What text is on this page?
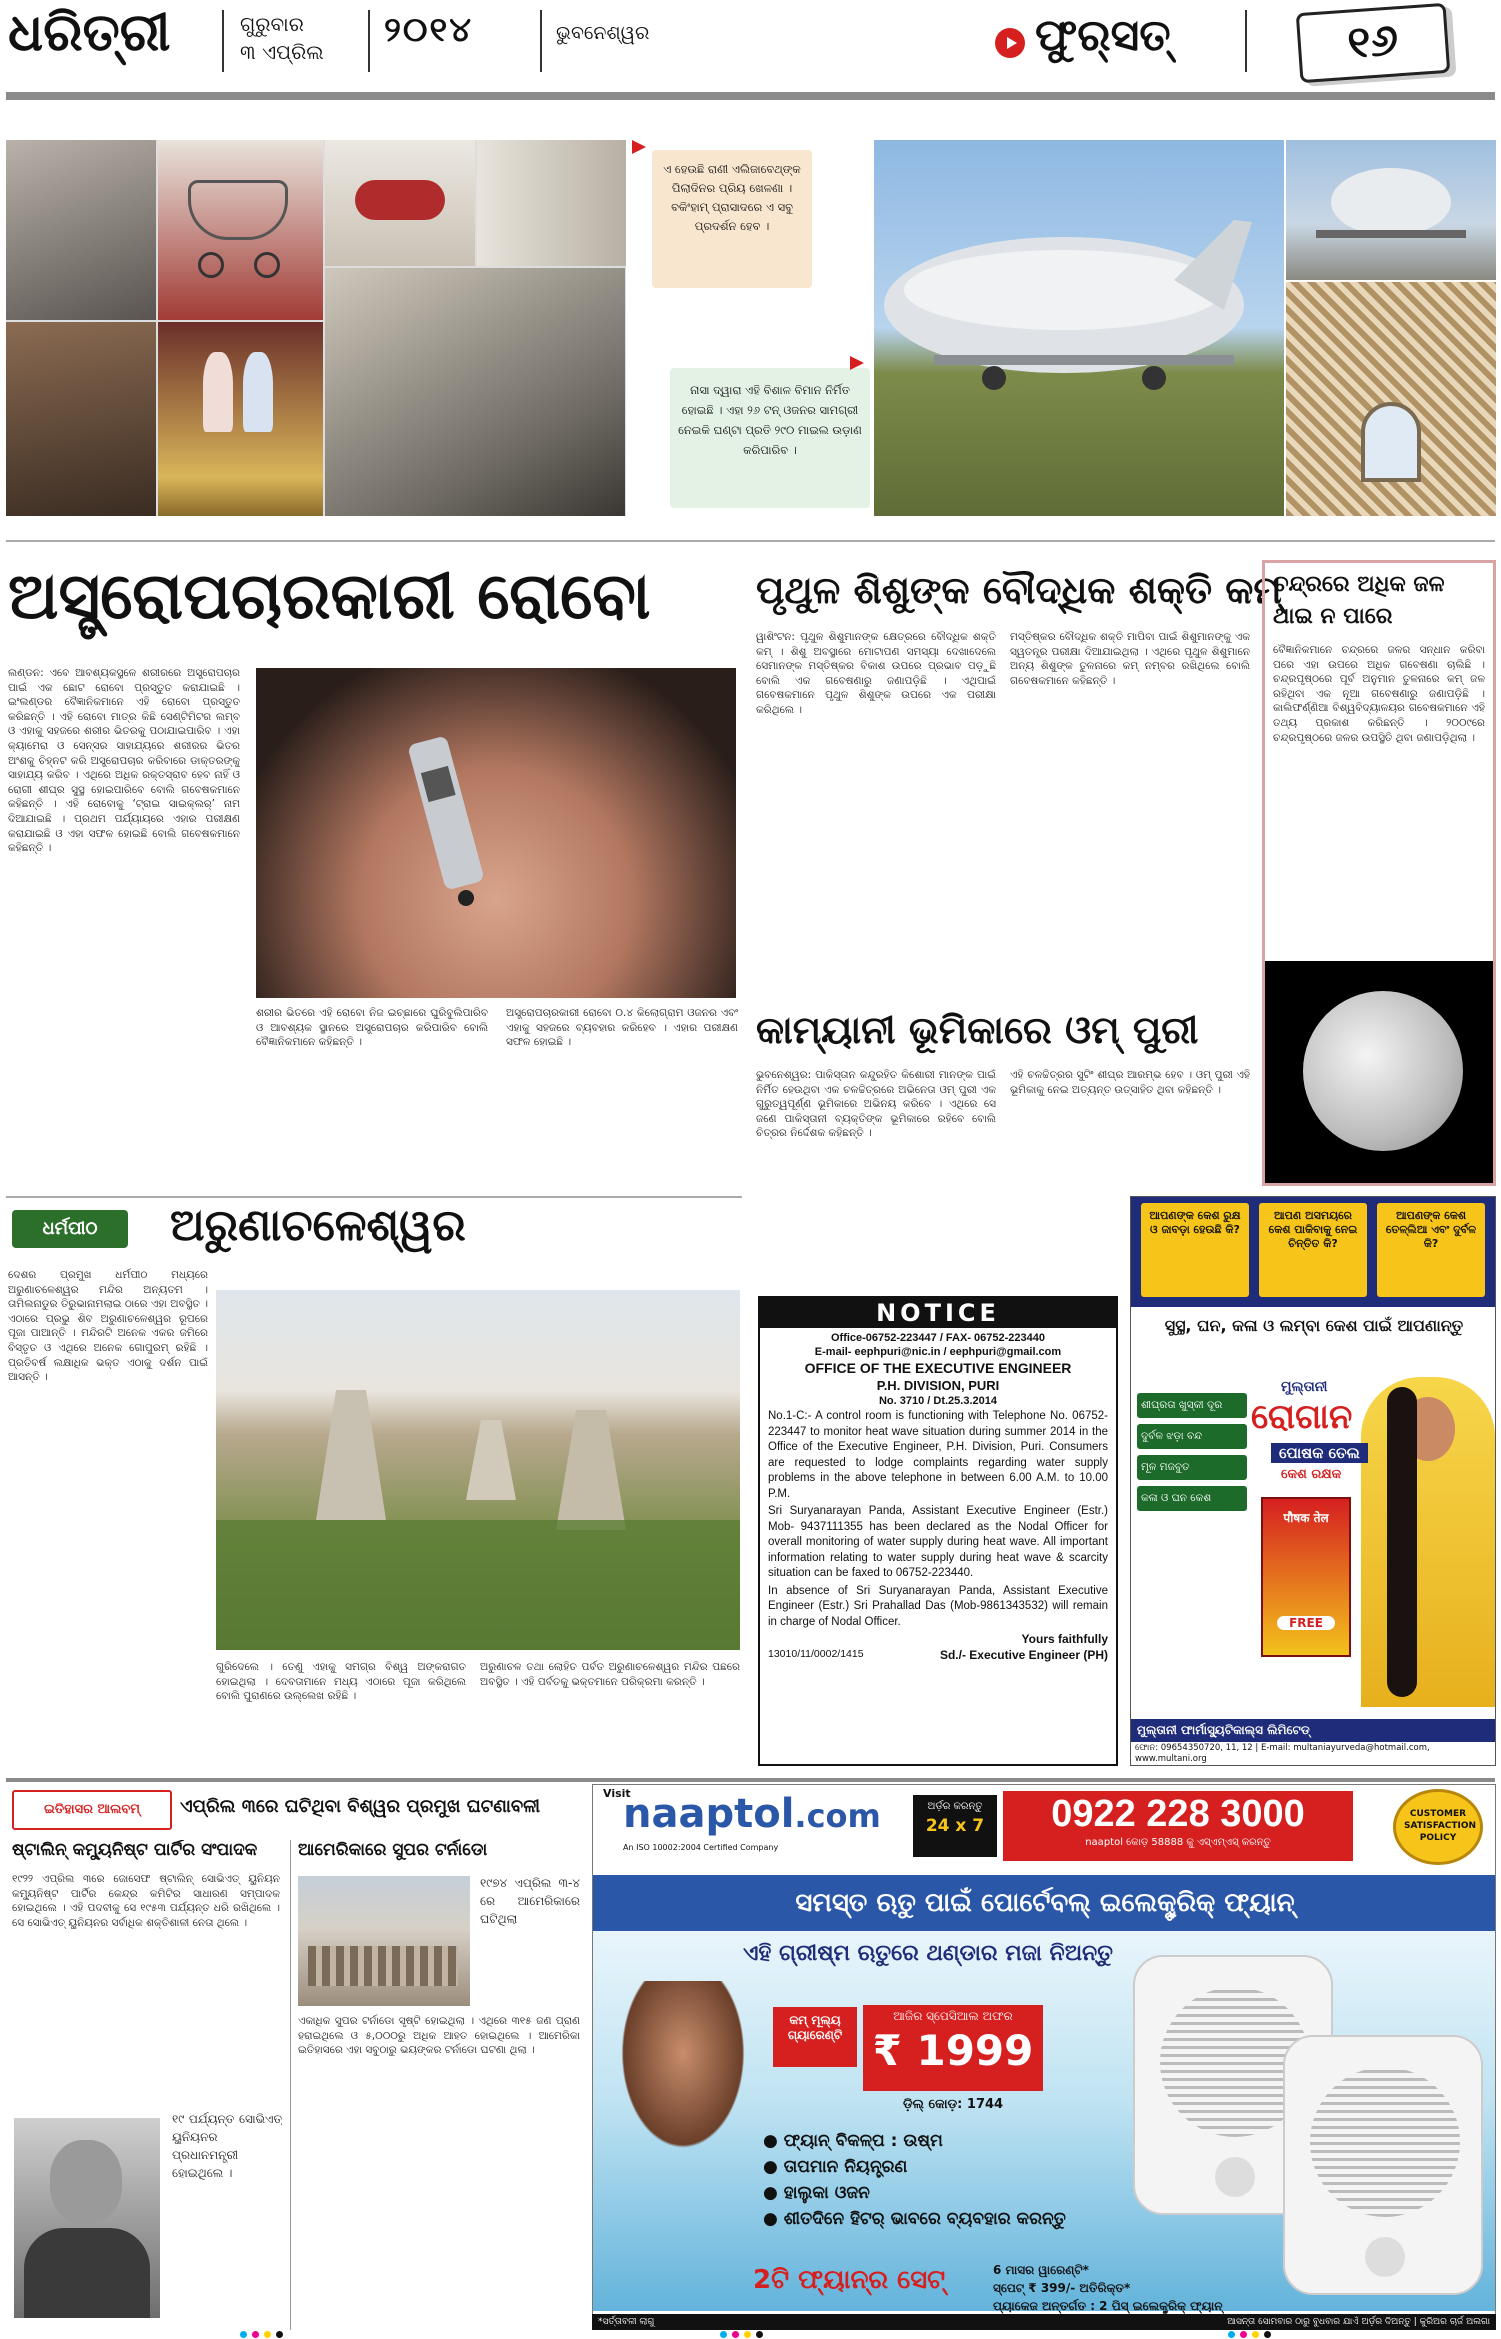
ଧରିତ୍ରୀ	ଗୁରୁବାର
୩ ଏପ୍ରିଲ
୨୦୧୪	ଭୁବନେଶ୍ୱର	ଫୁର୍‌ସତ୍‌	୧୬
ଏ ହେଉଛି ରାଣୀ ଏଲିଜାବେଥ୍‌ଙ୍କ ପିଲାଦିନର ପ୍ରିୟ ଖେଳଣା । ବକିଂହାମ୍‌ ପ୍ରାସାଦରେ ଏ ସବୁ ପ୍ରଦର୍ଶନ ହେବ ।
ନାସା ଦ୍ୱାରା ଏହି ବିଶାଳ ବିମାନ ନିର୍ମିତ ହୋଇଛି । ଏହା ୨୬ ଟନ୍‌ ଓଜନର ସାମଗ୍ରୀ ନେଇକି ଘଣ୍ଟା ପ୍ରତି ୨୯୦ ମାଇଲ ଉଡ଼ାଣ କରିପାରିବ ।
ଅସ୍ତ୍ରୋପଚାରକାରୀ ରୋବୋ
ଲଣ୍ଡନ: ଏବେ ଆବଶ୍ୟକସ୍ଥଳେ ଶରୀରରେ ଅସ୍ତ୍ରୋପଚାର ପାଇଁ ଏକ ଛୋଟ ରୋବୋ ପ୍ରସ୍ତୁତ କରାଯାଇଛି । ଇଂଲଣ୍ଡର ବୈଜ୍ଞାନିକମାନେ ଏହି ରୋବୋ ପ୍ରସ୍ତୁତ କରିଛନ୍ତି । ଏହି ରୋବୋ ମାତ୍ର କିଛି ସେଣ୍ଟିମିଟର ଲମ୍ବ ଓ ଏହାକୁ ସହଜରେ ଶରୀର ଭିତରକୁ ପଠାଯାଇପାରିବ । ଏହା କ୍ୟାମେରା ଓ ସେନ୍‌ସର ସାହାଯ୍ୟରେ ଶରୀରର ଭିତର ଅଂଶକୁ ଚିହ୍ନଟ କରି ଅସ୍ତ୍ରୋପଚାର କରିବାରେ ଡାକ୍ତରଙ୍କୁ ସାହାଯ୍ୟ କରିବ । ଏଥିରେ ଅଧିକ ରକ୍ତସ୍ରାବ ହେବ ନାହିଁ ଓ ରୋଗୀ ଶୀଘ୍ର ସୁସ୍ଥ ହୋଇପାରିବେ ବୋଲି ଗବେଷକମାନେ କହିଛନ୍ତି । ଏହି ରୋବୋକୁ ‘ଟ୍ରାଇ ସାଇକ୍ଲର୍‌’ ନାମ ଦିଆଯାଇଛି । ପ୍ରଥମ ପର୍ଯ୍ୟାୟରେ ଏହାର ପରୀକ୍ଷଣ କରାଯାଇଛି ଓ ଏହା ସଫଳ ହୋଇଛି ବୋଲି ଗବେଷକମାନେ କହିଛନ୍ତି ।
ଶରୀର ଭିତରେ ଏହି ରୋବୋ ନିଜ ଇଚ୍ଛାରେ ଘୁରିବୁଲିପାରିବ ଓ ଆବଶ୍ୟକ ସ୍ଥାନରେ ଅସ୍ତ୍ରୋପଚାର କରିପାରିବ ବୋଲି ବୈଜ୍ଞାନିକମାନେ କହିଛନ୍ତି ।
ଅସ୍ତ୍ରୋପଚାରକାରୀ ରୋବୋ ୦.୪ କିଲୋଗ୍ରାମ ଓଜନର ଏବଂ ଏହାକୁ ସହଜରେ ବ୍ୟବହାର କରିହେବ । ଏହାର ପରୀକ୍ଷଣ ସଫଳ ହୋଇଛି ।
ପୃଥୁଳ ଶିଶୁଙ୍କ ବୌଦ୍ଧିକ ଶକ୍ତି କମ୍‌
ୱାଶିଂଟନ: ପୃଥୁଳ ଶିଶୁମାନଙ୍କ କ୍ଷେତ୍ରରେ ବୌଦ୍ଧିକ ଶକ୍ତି କମ୍‌ । ଶିଶୁ ଅବସ୍ଥାରେ ମୋଟାପଣ ସମସ୍ୟା ଦେଖାଦେଲେ ସେମାନଙ୍କ ମସ୍ତିଷ୍କର ବିକାଶ ଉପରେ ପ୍ରଭାବ ପଡ଼ୁଛି ବୋଲି ଏକ ଗବେଷଣାରୁ ଜଣାପଡ଼ିଛି । ଏଥିପାଇଁ ଗବେଷକମାନେ ପୃଥୁଳ ଶିଶୁଙ୍କ ଉପରେ ଏକ ପରୀକ୍ଷା କରିଥିଲେ ।
ମସ୍ତିଷ୍କର ବୌଦ୍ଧିକ ଶକ୍ତି ମାପିବା ପାଇଁ ଶିଶୁମାନଙ୍କୁ ଏକ ସ୍ୱତନ୍ତ୍ର ପରୀକ୍ଷା ଦିଆଯାଇଥିଲା । ଏଥିରେ ପୃଥୁଳ ଶିଶୁମାନେ ଅନ୍ୟ ଶିଶୁଙ୍କ ତୁଳନାରେ କମ୍‌ ନମ୍ବର ରଖିଥିଲେ ବୋଲି ଗବେଷକମାନେ କହିଛନ୍ତି ।
କାମ୍ୟାନୀ ଭୂମିକାରେ ଓମ୍‌ ପୁରୀ
ଭୁବନେଶ୍ୱର: ପାକିସ୍ତାନ କନ୍ଦୁରହିତ କିଶୋରୀ ମାନଙ୍କ ପାଇଁ ନିର୍ମିତ ହେଉଥିବା ଏକ ଚଳଚ୍ଚିତ୍ରରେ ଅଭିନେତା ଓମ୍‌ ପୁରୀ ଏକ ଗୁରୁତ୍ୱପୂର୍ଣ୍ଣ ଭୂମିକାରେ ଅଭିନୟ କରିବେ । ଏଥିରେ ସେ ଜଣେ ପାକିସ୍ତାନୀ ବ୍ୟକ୍ତିଙ୍କ ଭୂମିକାରେ ରହିବେ ବୋଲି ଚିତ୍ରର ନିର୍ଦ୍ଦେଶକ କହିଛନ୍ତି ।
ଏହି ଚଳଚ୍ଚିତ୍ରର ସୁଟିଂ ଶୀଘ୍ର ଆରମ୍ଭ ହେବ । ଓମ୍‌ ପୁରୀ ଏହି ଭୂମିକାକୁ ନେଇ ଅତ୍ୟନ୍ତ ଉତ୍ସାହିତ ଥିବା କହିଛନ୍ତି ।
ଚନ୍ଦ୍ରରେ ଅଧିକ ଜଳ ଥାଇ ନ ପାରେ
ବୈଜ୍ଞାନିକମାନେ ଚନ୍ଦ୍ରରେ ଜଳର ସନ୍ଧାନ କରିବା ପରେ ଏହା ଉପରେ ଅଧିକ ଗବେଷଣା ଚାଲିଛି । ଚନ୍ଦ୍ରପୃଷ୍ଠରେ ପୂର୍ବ ଅନୁମାନ ତୁଳନାରେ କମ୍‌ ଜଳ ରହିଥିବା ଏକ ନୂଆ ଗବେଷଣାରୁ ଜଣାପଡ଼ିଛି । କାଲିଫର୍ଣ୍ଣିଆ ବିଶ୍ୱବିଦ୍ୟାଳୟର ଗବେଷକମାନେ ଏହି ତଥ୍ୟ ପ୍ରକାଶ କରିଛନ୍ତି । ୨୦୦୯ରେ ଚନ୍ଦ୍ରପୃଷ୍ଠରେ ଜଳର ଉପସ୍ଥିତି ଥିବା ଜଣାପଡ଼ିଥିଲା ।
ଧର୍ମପୀଠ	ଅରୁଣାଚଳେଶ୍ୱର
ଦେଶର ପ୍ରମୁଖ ଧର୍ମପୀଠ ମଧ୍ୟରେ ଅରୁଣାଚଳେଶ୍ୱର ମନ୍ଦିର ଅନ୍ୟତମ । ତାମିଲନାଡୁର ତିରୁଭାନାମଲାଇ ଠାରେ ଏହା ଅବସ୍ଥିତ । ଏଠାରେ ପ୍ରଭୁ ଶିବ ଅରୁଣାଚଳେଶ୍ୱର ରୂପରେ ପୂଜା ପାଆନ୍ତି । ମନ୍ଦିରଟି ଅନେକ ଏକର ଜମିରେ ବିସ୍ତୃତ ଓ ଏଥିରେ ଅନେକ ଗୋପୁରମ୍‌ ରହିଛି । ପ୍ରତିବର୍ଷ ଲକ୍ଷାଧିକ ଭକ୍ତ ଏଠାକୁ ଦର୍ଶନ ପାଇଁ ଆସନ୍ତି ।
ଗୁରିଦେଲେ । ତେଣୁ ଏହାକୁ ସମଗ୍ର ବିଶ୍ୱ ଅଙ୍କରାଗତ ହୋଇଥିଲା । ଦେବତାମାନେ ମଧ୍ୟ ଏଠାରେ ପୂଜା କରିଥିଲେ ବୋଲି ପୁରାଣରେ ଉଲ୍ଲେଖ ରହିଛି ।
ଅରୁଣାଚଳ ତଥା ଲୋହିତ ପର୍ବତ ଅରୁଣାଚଳେଶ୍ୱର ମନ୍ଦିର ପଛରେ ଅବସ୍ଥିତ । ଏହି ପର୍ବତକୁ ଭକ୍ତମାନେ ପରିକ୍ରମା କରନ୍ତି ।
NOTICE

Office-06752-223447 / FAX- 06752-223440

E-mail- eephpuri@nic.in / eephpuri@gmail.com

OFFICE OF THE EXECUTIVE ENGINEER

P.H. DIVISION, PURI

No. 3710 / Dt.25.3.2014

No.1-C:- A control room is functioning with Telephone No. 06752-223447 to monitor heat wave situation during summer 2014 in the Office of the Executive Engineer, P.H. Division, Puri. Consumers are requested to lodge complaints regarding water supply problems in the above telephone in between 6.00 A.M. to 10.00 P.M.

Sri Suryanarayan Panda, Assistant Executive Engineer (Estr.) Mob- 9437111355 has been declared as the Nodal Officer for overall monitoring of water supply during heat wave. All important information relating to water supply during heat wave & scarcity situation can be faxed to 06752-223440.

In absence of Sri Suryanarayan Panda, Assistant Executive Engineer (Estr.) Sri Prahallad Das (Mob-9861343532) will remain in charge of Nodal Officer.

Yours faithfully

13010/11/0002/1415	Sd./- Executive Engineer (PH)
ଆପଣଙ୍କ କେଶ ରୁକ୍ଷ ଓ ଜାବଡ଼ା ହେଉଛି କି?
ଆପଣ ଅସମୟରେ କେଶ ପାକିବାକୁ ନେଇ ଚିନ୍ତିତ କି?
ଆପଣଙ୍କ କେଶ ତେଳ୍ଲିଆ ଏବଂ ଦୁର୍ବଳ କି?
ସୁସ୍ଥ, ଘନ, କଳା ଓ ଲମ୍ବା କେଶ ପାଇଁ ଆପଣାନ୍ତୁ
ମୁଲ୍‌ତାନୀ
ରୋଗାନ
ପୋଷକ ତେଲ
କେଶ ରକ୍ଷକ
ଶୀଘ୍ରତା ଖୁସ୍କୀ ଦୂର
ଦୁର୍ବଳ ଝଡ଼ା ବନ୍ଦ
ମୂଳ ମଜବୁତ
କଳା ଓ ଘନ କେଶ
पौषक तेल
FREE
ମୁଲ୍‌ତାନୀ ଫାର୍ମାସ୍ୟୁଟିକାଲ୍ସ ଲିମିଟେଡ୍‌
ଫୋନ: 09654350720, 11, 12 | E-mail: multaniayurveda@hotmail.com, www.multani.org
ଇତିହାସର ଆଲବମ୍‌	ଏପ୍ରିଲ ୩ରେ ଘଟିଥିବା ବିଶ୍ୱର ପ୍ରମୁଖ ଘଟଣାବଳୀ
ଷ୍ଟାଲିନ୍‌ କମ୍ୟୁନିଷ୍ଟ ପାର୍ଟିର ସଂପାଦକ
୧୯୨୨ ଏପ୍ରିଲ ୩ରେ ଜୋସେଫ ଷ୍ଟାଲିନ୍‌ ସୋଭିଏତ୍‌ ୟୁନିୟନ କମ୍ୟୁନିଷ୍ଟ ପାର୍ଟିର କେନ୍ଦ୍ର କମିଟିର ସାଧାରଣ ସମ୍ପାଦକ ହୋଇଥିଲେ । ଏହି ପଦବୀକୁ ସେ ୧୯୫୩ ପର୍ଯ୍ୟନ୍ତ ଧରି ରଖିଥିଲେ । ସେ ସୋଭିଏତ୍‌ ୟୁନିୟନର ସର୍ବାଧିକ ଶକ୍ତିଶାଳୀ ନେତା ଥିଲେ ।
୧୯ ପର୍ଯ୍ୟନ୍ତ ସୋଭିଏତ୍‌ ୟୁନିୟନର ପ୍ରଧାନମନ୍ତ୍ରୀ ହୋଇଥିଲେ ।
ଆମେରିକାରେ ସୁପର ଟର୍ନାଡୋ
୧୯୭୪ ଏପ୍ରିଲ ୩-୪ ରେ ଆମେରିକାରେ ଘଟିଥିଲା
ଏକାଧିକ ସୁପର ଟର୍ନାଡୋ ସୃଷ୍ଟି ହୋଇଥିଲା । ଏଥିରେ ୩୧୫ ଜଣ ପ୍ରାଣ ହରାଇଥିଲେ ଓ ୫,୦୦୦ରୁ ଅଧିକ ଆହତ ହୋଇଥିଲେ । ଆମେରିକା ଇତିହାସରେ ଏହା ସବୁଠାରୁ ଭୟଙ୍କର ଟର୍ନାଡୋ ଘଟଣା ଥିଲା ।
Visit
naaptol.com
An ISO 10002:2004 Certified Company
ଅର୍ଡ଼ର କରନ୍ତୁ
24 x 7	0922 228 3000
naaptol କୋଡ଼ 58888 କୁ ଏସ୍‌ଏମ୍‌ଏସ୍‌ କରନ୍ତୁ
CUSTOMER SATISFACTION POLICY
ସମସ୍ତ ଋତୁ ପାଇଁ ପୋର୍ଟେବଲ୍‌ ଇଲେକ୍ଟ୍ରିକ୍‌ ଫ୍ୟାନ୍‌
ଏହି ଗ୍ରୀଷ୍ମ ଋତୁରେ ଥଣ୍ଡାର ମଜା ନିଅନ୍ତୁ
କମ୍‌ ମୂଲ୍ୟ ଗ୍ୟାରେଣ୍ଟି
ଆଜିର ସ୍ପେସିଆଲ ଅଫର
₹ 1999
ଡ଼ିଲ୍‌ କୋଡ଼: 1744
● ଫ୍ୟାନ୍‌ ବିକଳ୍ପ : ଉଷ୍ମ
● ତାପମାନ ନିୟନ୍ତ୍ରଣ
● ହାଲୁକା ଓଜନ
● ଶୀତଦିନେ ହିଟର୍‌ ଭାବରେ ବ୍ୟବହାର କରନ୍ତୁ
2ଟି ଫ୍ୟାନ୍‌ର ସେଟ୍‌	6 ମାସର ୱାରେଣ୍ଟି*
ସ୍ପେଟ୍‌ ₹ 399/- ଅତିରିକ୍ତ*
ପ୍ୟାକେଜ ଅନ୍ତର୍ଗତ : 2 ପିସ୍‌ ଇଲେକ୍ଟ୍ରିକ୍‌ ଫ୍ୟାନ୍‌
*ସର୍ତ୍ତାବଳୀ ଲାଗୁ	ଆସନ୍ତା ସୋମବାର ଠାରୁ ବୁଧବାର ଯାଏଁ ଅର୍ଡ଼ର ଦିଅନ୍ତୁ | କୁରିଅର ଚାର୍ଜ ଅଲଗା
